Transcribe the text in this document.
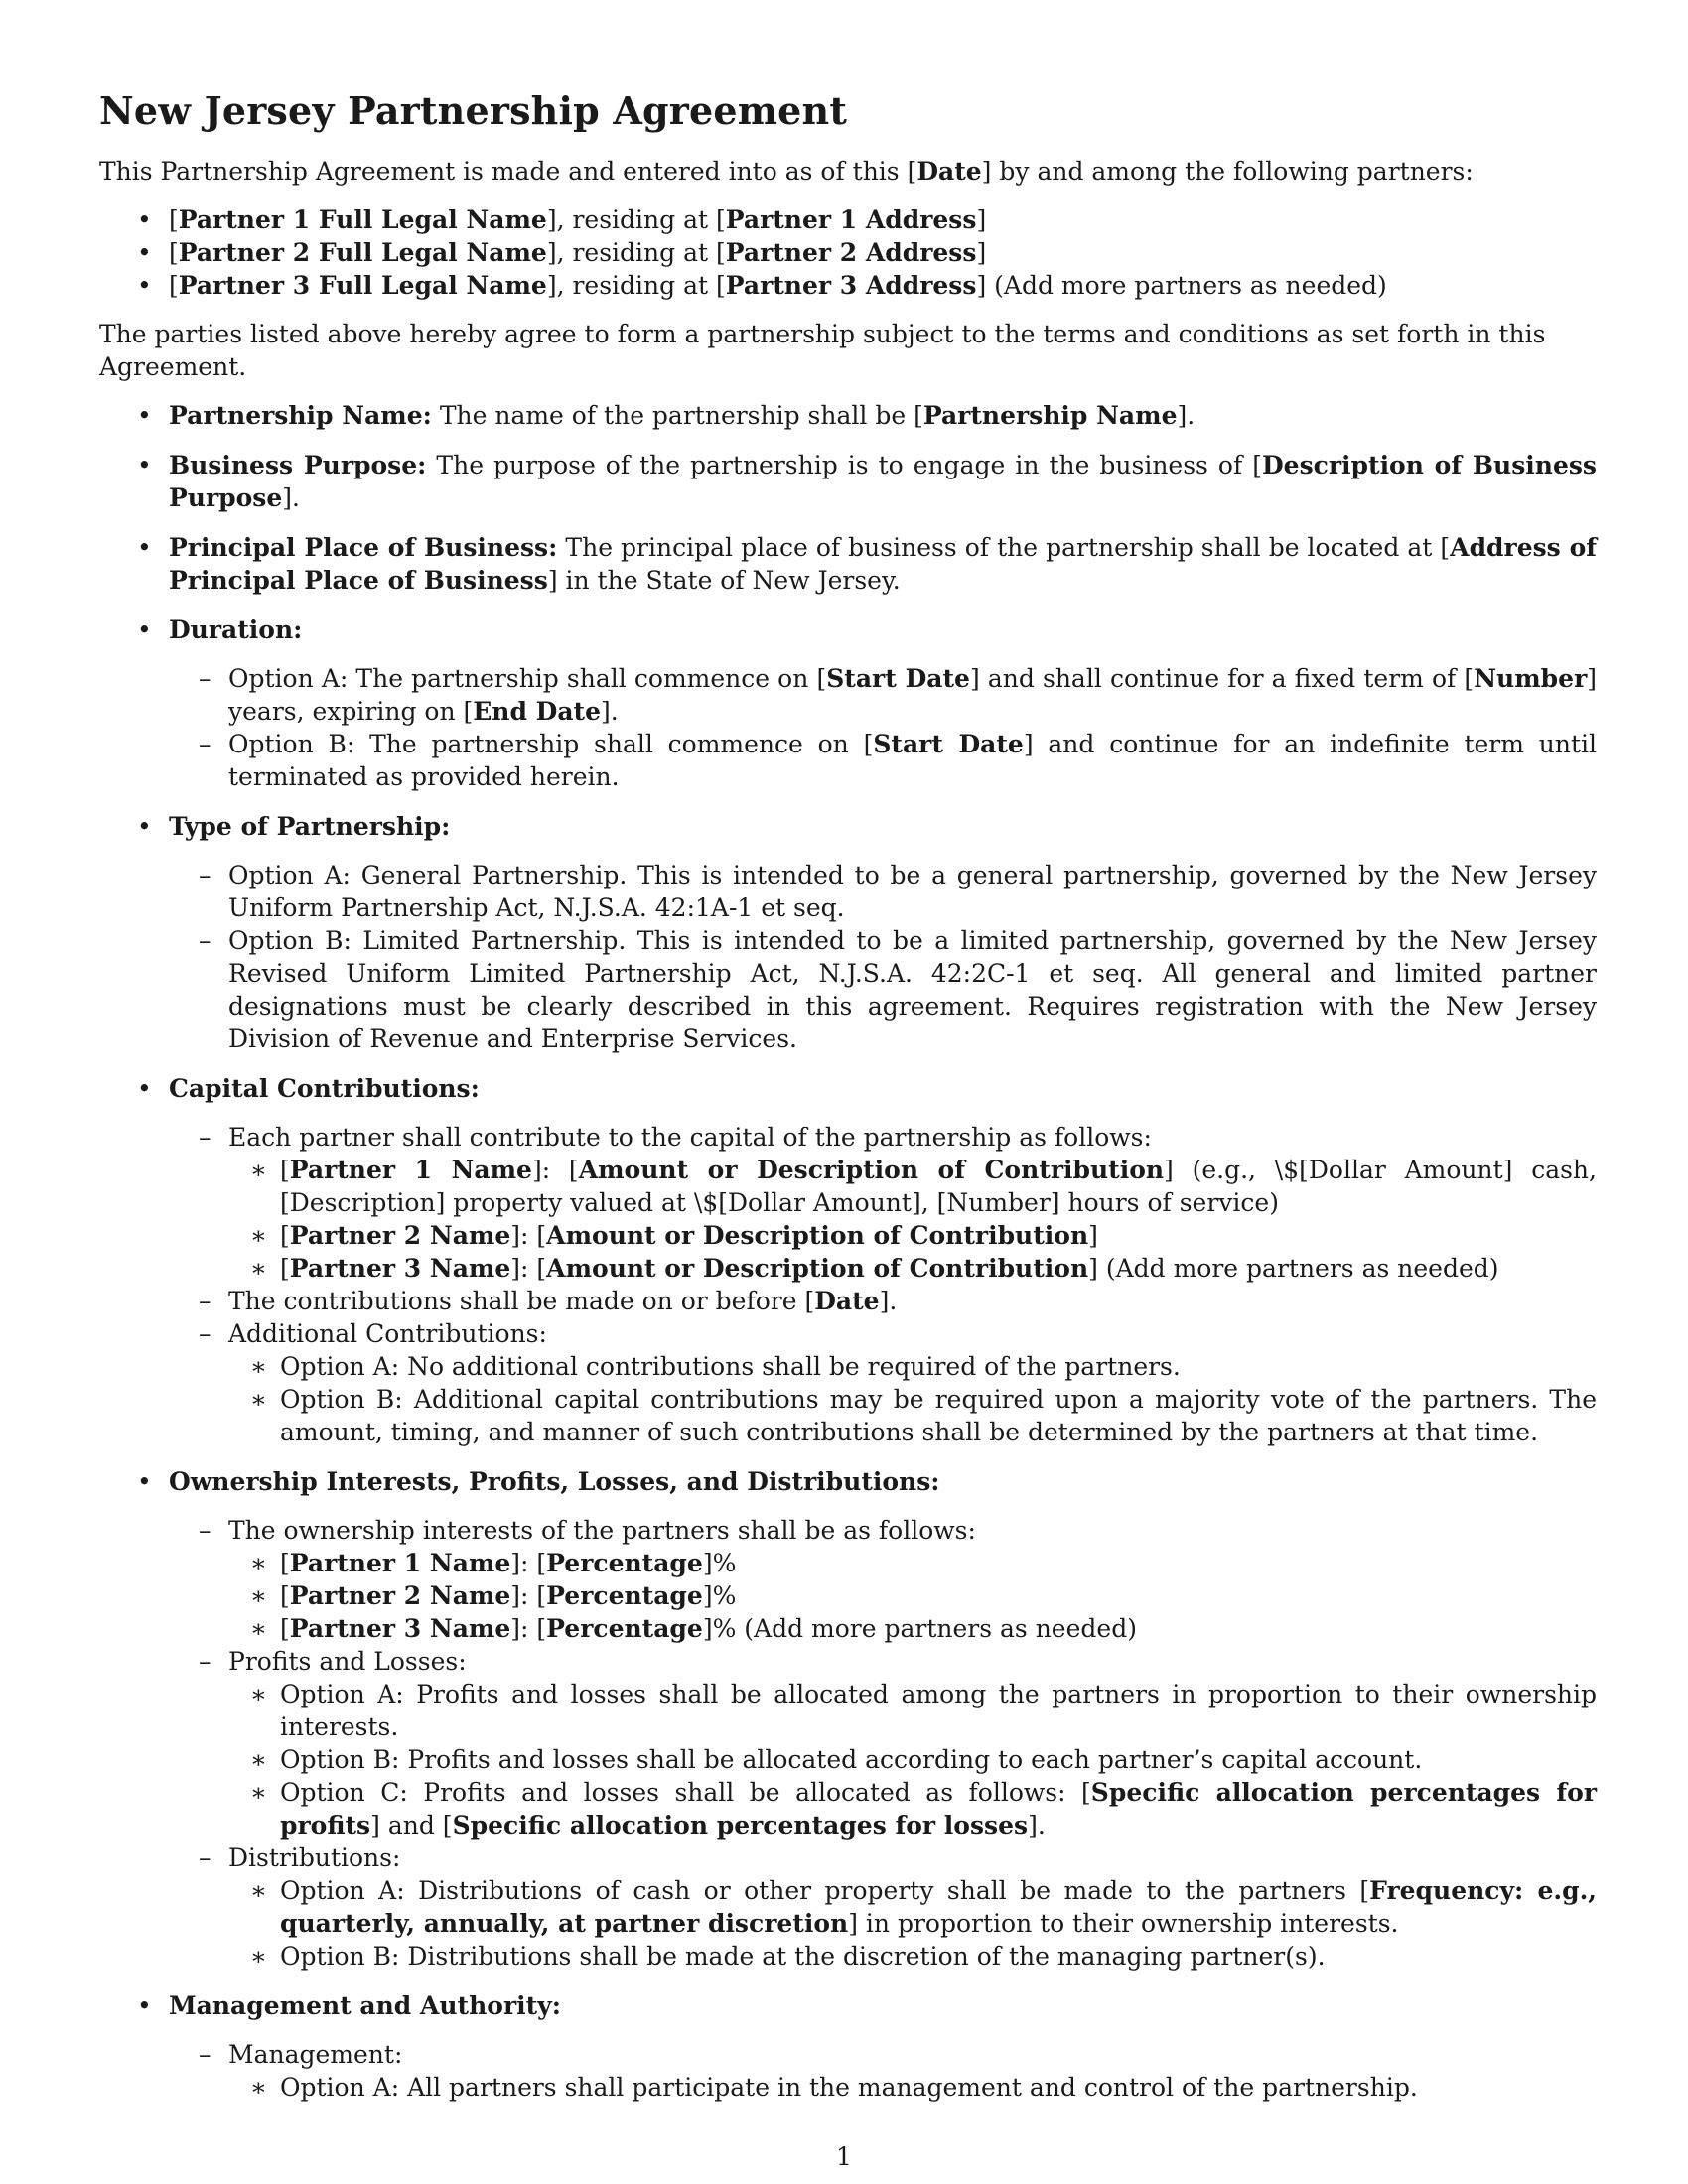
New Jersey Partnership Agreement

This Partnership Agreement is made and entered into as of this [Date] by and among the following partners:

• [Partner 1 Full Legal Name], residing at [Partner 1 Address]
• [Partner 2 Full Legal Name], residing at [Partner 2 Address]
• [Partner 3 Full Legal Name], residing at [Partner 3 Address] (Add more partners as needed)

The parties listed above hereby agree to form a partnership subject to the terms and conditions as set forth in this Agreement.

• Partnership Name: The name of the partnership shall be [Partnership Name].
• Business Purpose: The purpose of the partnership is to engage in the business of [Description of Business Purpose].
• Principal Place of Business: The principal place of business of the partnership shall be located at [Address of Principal Place of Business] in the State of New Jersey.
• Duration:
– Option A: The partnership shall commence on [Start Date] and shall continue for a fixed term of [Number] years, expiring on [End Date].
– Option B: The partnership shall commence on [Start Date] and continue for an indefinite term until terminated as provided herein.
• Type of Partnership:
– Option A: General Partnership. This is intended to be a general partnership, governed by the New Jersey Uniform Partnership Act, N.J.S.A. 42:1A-1 et seq.
– Option B: Limited Partnership. This is intended to be a limited partnership, governed by the New Jersey Revised Uniform Limited Partnership Act, N.J.S.A. 42:2C-1 et seq. All general and limited partner designations must be clearly described in this agreement. Requires registration with the New Jersey Division of Revenue and Enterprise Services.
• Capital Contributions:
– Each partner shall contribute to the capital of the partnership as follows:
∗ [Partner 1 Name]: [Amount or Description of Contribution] (e.g., \$[Dollar Amount] cash, [Description] property valued at \$[Dollar Amount], [Number] hours of service)
∗ [Partner 2 Name]: [Amount or Description of Contribution]
∗ [Partner 3 Name]: [Amount or Description of Contribution] (Add more partners as needed)
– The contributions shall be made on or before [Date].
– Additional Contributions:
∗ Option A: No additional contributions shall be required of the partners.
∗ Option B: Additional capital contributions may be required upon a majority vote of the partners. The amount, timing, and manner of such contributions shall be determined by the partners at that time.
• Ownership Interests, Profits, Losses, and Distributions:
– The ownership interests of the partners shall be as follows:
∗ [Partner 1 Name]: [Percentage]%
∗ [Partner 2 Name]: [Percentage]%
∗ [Partner 3 Name]: [Percentage]% (Add more partners as needed)
– Profits and Losses:
∗ Option A: Profits and losses shall be allocated among the partners in proportion to their ownership interests.
∗ Option B: Profits and losses shall be allocated according to each partner’s capital account.
∗ Option C: Profits and losses shall be allocated as follows: [Specific allocation percentages for profits] and [Specific allocation percentages for losses].
– Distributions:
∗ Option A: Distributions of cash or other property shall be made to the partners [Frequency: e.g., quarterly, annually, at partner discretion] in proportion to their ownership interests.
∗ Option B: Distributions shall be made at the discretion of the managing partner(s).
• Management and Authority:
– Management:
∗ Option A: All partners shall participate in the management and control of the partnership.
1
